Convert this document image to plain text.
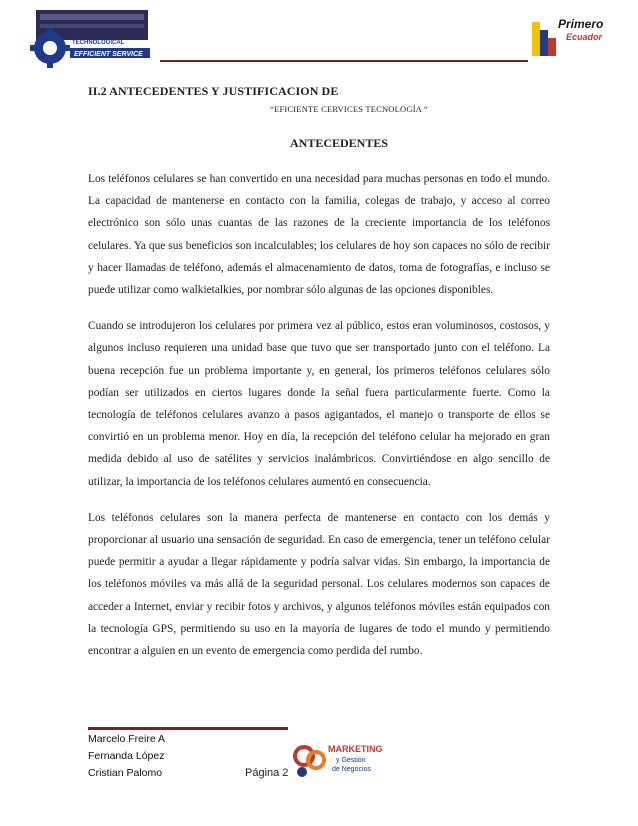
TECHNOLOGICAL
EFFICIENT SERVICE
Primero
Ecuador
II.2 ANTECEDENTES Y JUSTIFICACION DE
“EFICIENTE CERVICES TECNOLOGÍA “
ANTECEDENTES

Los teléfonos celulares se han convertido en una necesidad para muchas personas en todo el mundo. La capacidad de mantenerse en contacto con la familia, colegas de trabajo, y acceso al correo electrónico son sólo unas cuantas de las razones de la creciente importancia de los teléfonos celulares. Ya que sus beneficios son incalculables; los celulares de hoy son capaces no sólo de recibir y hacer llamadas de teléfono, además el almacenamiento de datos, toma de fotografías, e incluso se puede utilizar como walkietalkies, por nombrar sólo algunas de las opciones disponibles.

Cuando se introdujeron los celulares por primera vez al público, estos eran voluminosos, costosos, y algunos incluso requieren una unidad base que tuvo que ser transportado junto con el teléfono. La buena recepción fue un problema importante y, en general, los primeros teléfonos celulares sólo podían ser utilizados en ciertos lugares donde la señal fuera particularmente fuerte. Como la tecnología de teléfonos celulares avanzo a pasos agigantados, el manejo o transporte de ellos se convirtió en un problema menor. Hoy en día, la recepción del teléfono celular ha mejorado en gran medida debido al uso de satélites y servicios inalámbricos. Convirtiéndose en algo sencillo de utilizar, la importancia de los teléfonos celulares aumentó en consecuencia.

Los teléfonos celulares son la manera perfecta de mantenerse en contacto con los demás y proporcionar al usuario una sensación de seguridad. En caso de emergencia, tener un teléfono celular puede permitir a ayudar a llegar rápidamente y podría salvar vidas. Sin embargo, la importancia de los teléfonos móviles va más allá de la seguridad personal. Los celulares modernos son capaces de acceder a Internet, enviar y recibir fotos y archivos, y algunos teléfonos móviles están equipados con la tecnología GPS, permitiendo su uso en la mayoría de lugares de todo el mundo y permitiendo encontrar a alguien en un evento de emergencia como perdida del rumbo.

Marcelo Freire A
Fernanda López
Cristian Palomo	Página 2
MARKETING
y Gestión
de Negocios
